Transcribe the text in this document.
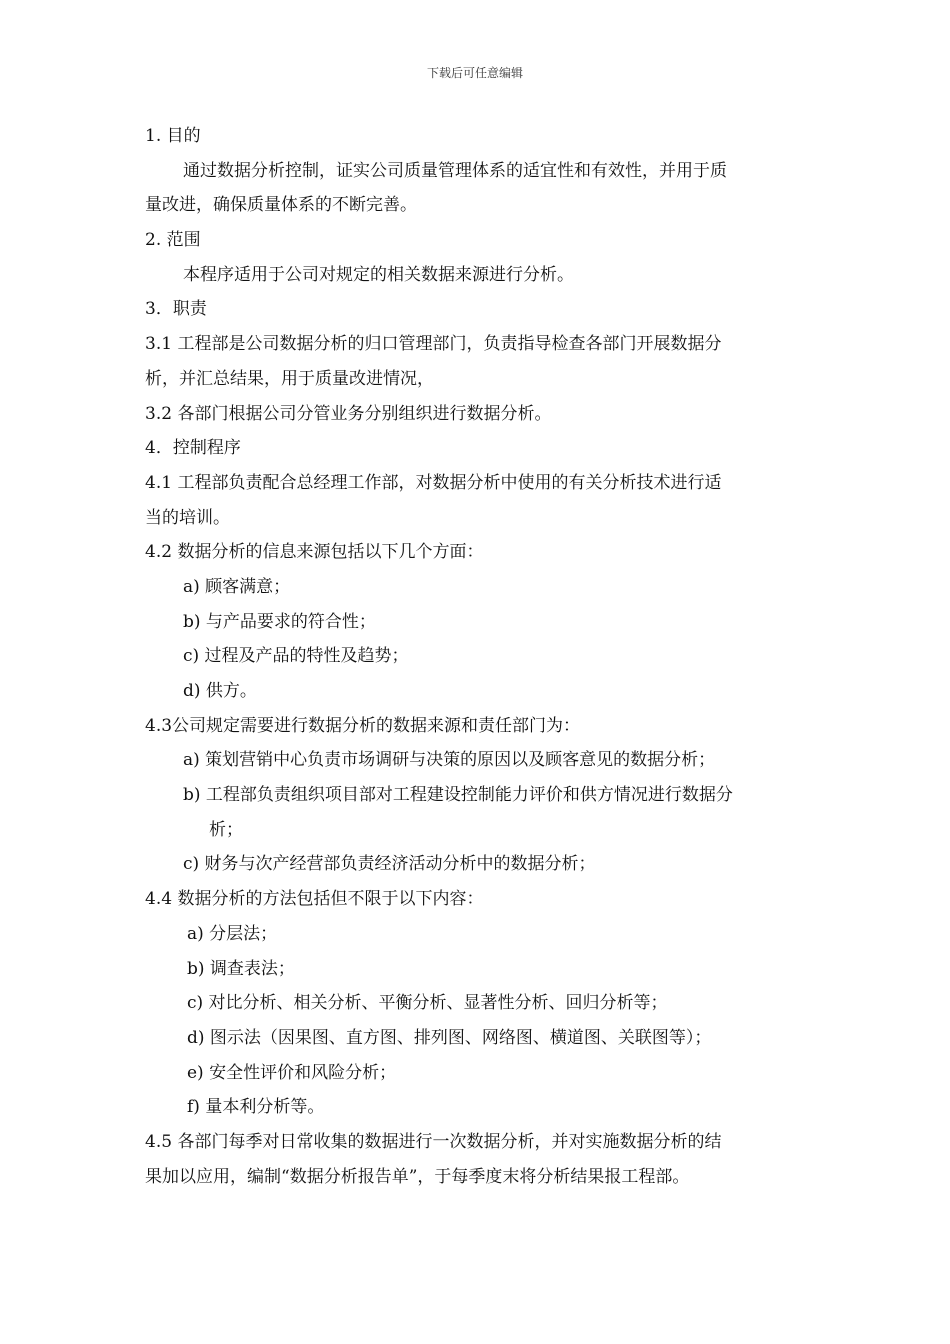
下载后可任意编辑
1. 目的
通过数据分析控制，证实公司质量管理体系的适宜性和有效性，并用于质
量改进，确保质量体系的不断完善。
2. 范围
本程序适用于公司对规定的相关数据来源进行分析。
3．职责
3.1 工程部是公司数据分析的归口管理部门，负责指导检查各部门开展数据分
析，并汇总结果，用于质量改进情况，
3.2 各部门根据公司分管业务分别组织进行数据分析。
4．控制程序
4.1 工程部负责配合总经理工作部，对数据分析中使用的有关分析技术进行适
当的培训。
4.2 数据分析的信息来源包括以下几个方面：
a) 顾客满意；
b) 与产品要求的符合性；
c) 过程及产品的特性及趋势；
d) 供方。
4.3公司规定需要进行数据分析的数据来源和责任部门为：
a) 策划营销中心负责市场调研与决策的原因以及顾客意见的数据分析；
b) 工程部负责组织项目部对工程建设控制能力评价和供方情况进行数据分
析；
c) 财务与次产经营部负责经济活动分析中的数据分析；
4.4 数据分析的方法包括但不限于以下内容：
a) 分层法；
b) 调查表法；
c) 对比分析、相关分析、平衡分析、显著性分析、回归分析等；
d) 图示法（因果图、直方图、排列图、网络图、横道图、关联图等）；
e) 安全性评价和风险分析；
f) 量本利分析等。
4.5 各部门每季对日常收集的数据进行一次数据分析，并对实施数据分析的结
果加以应用，编制“数据分析报告单”，于每季度末将分析结果报工程部。
